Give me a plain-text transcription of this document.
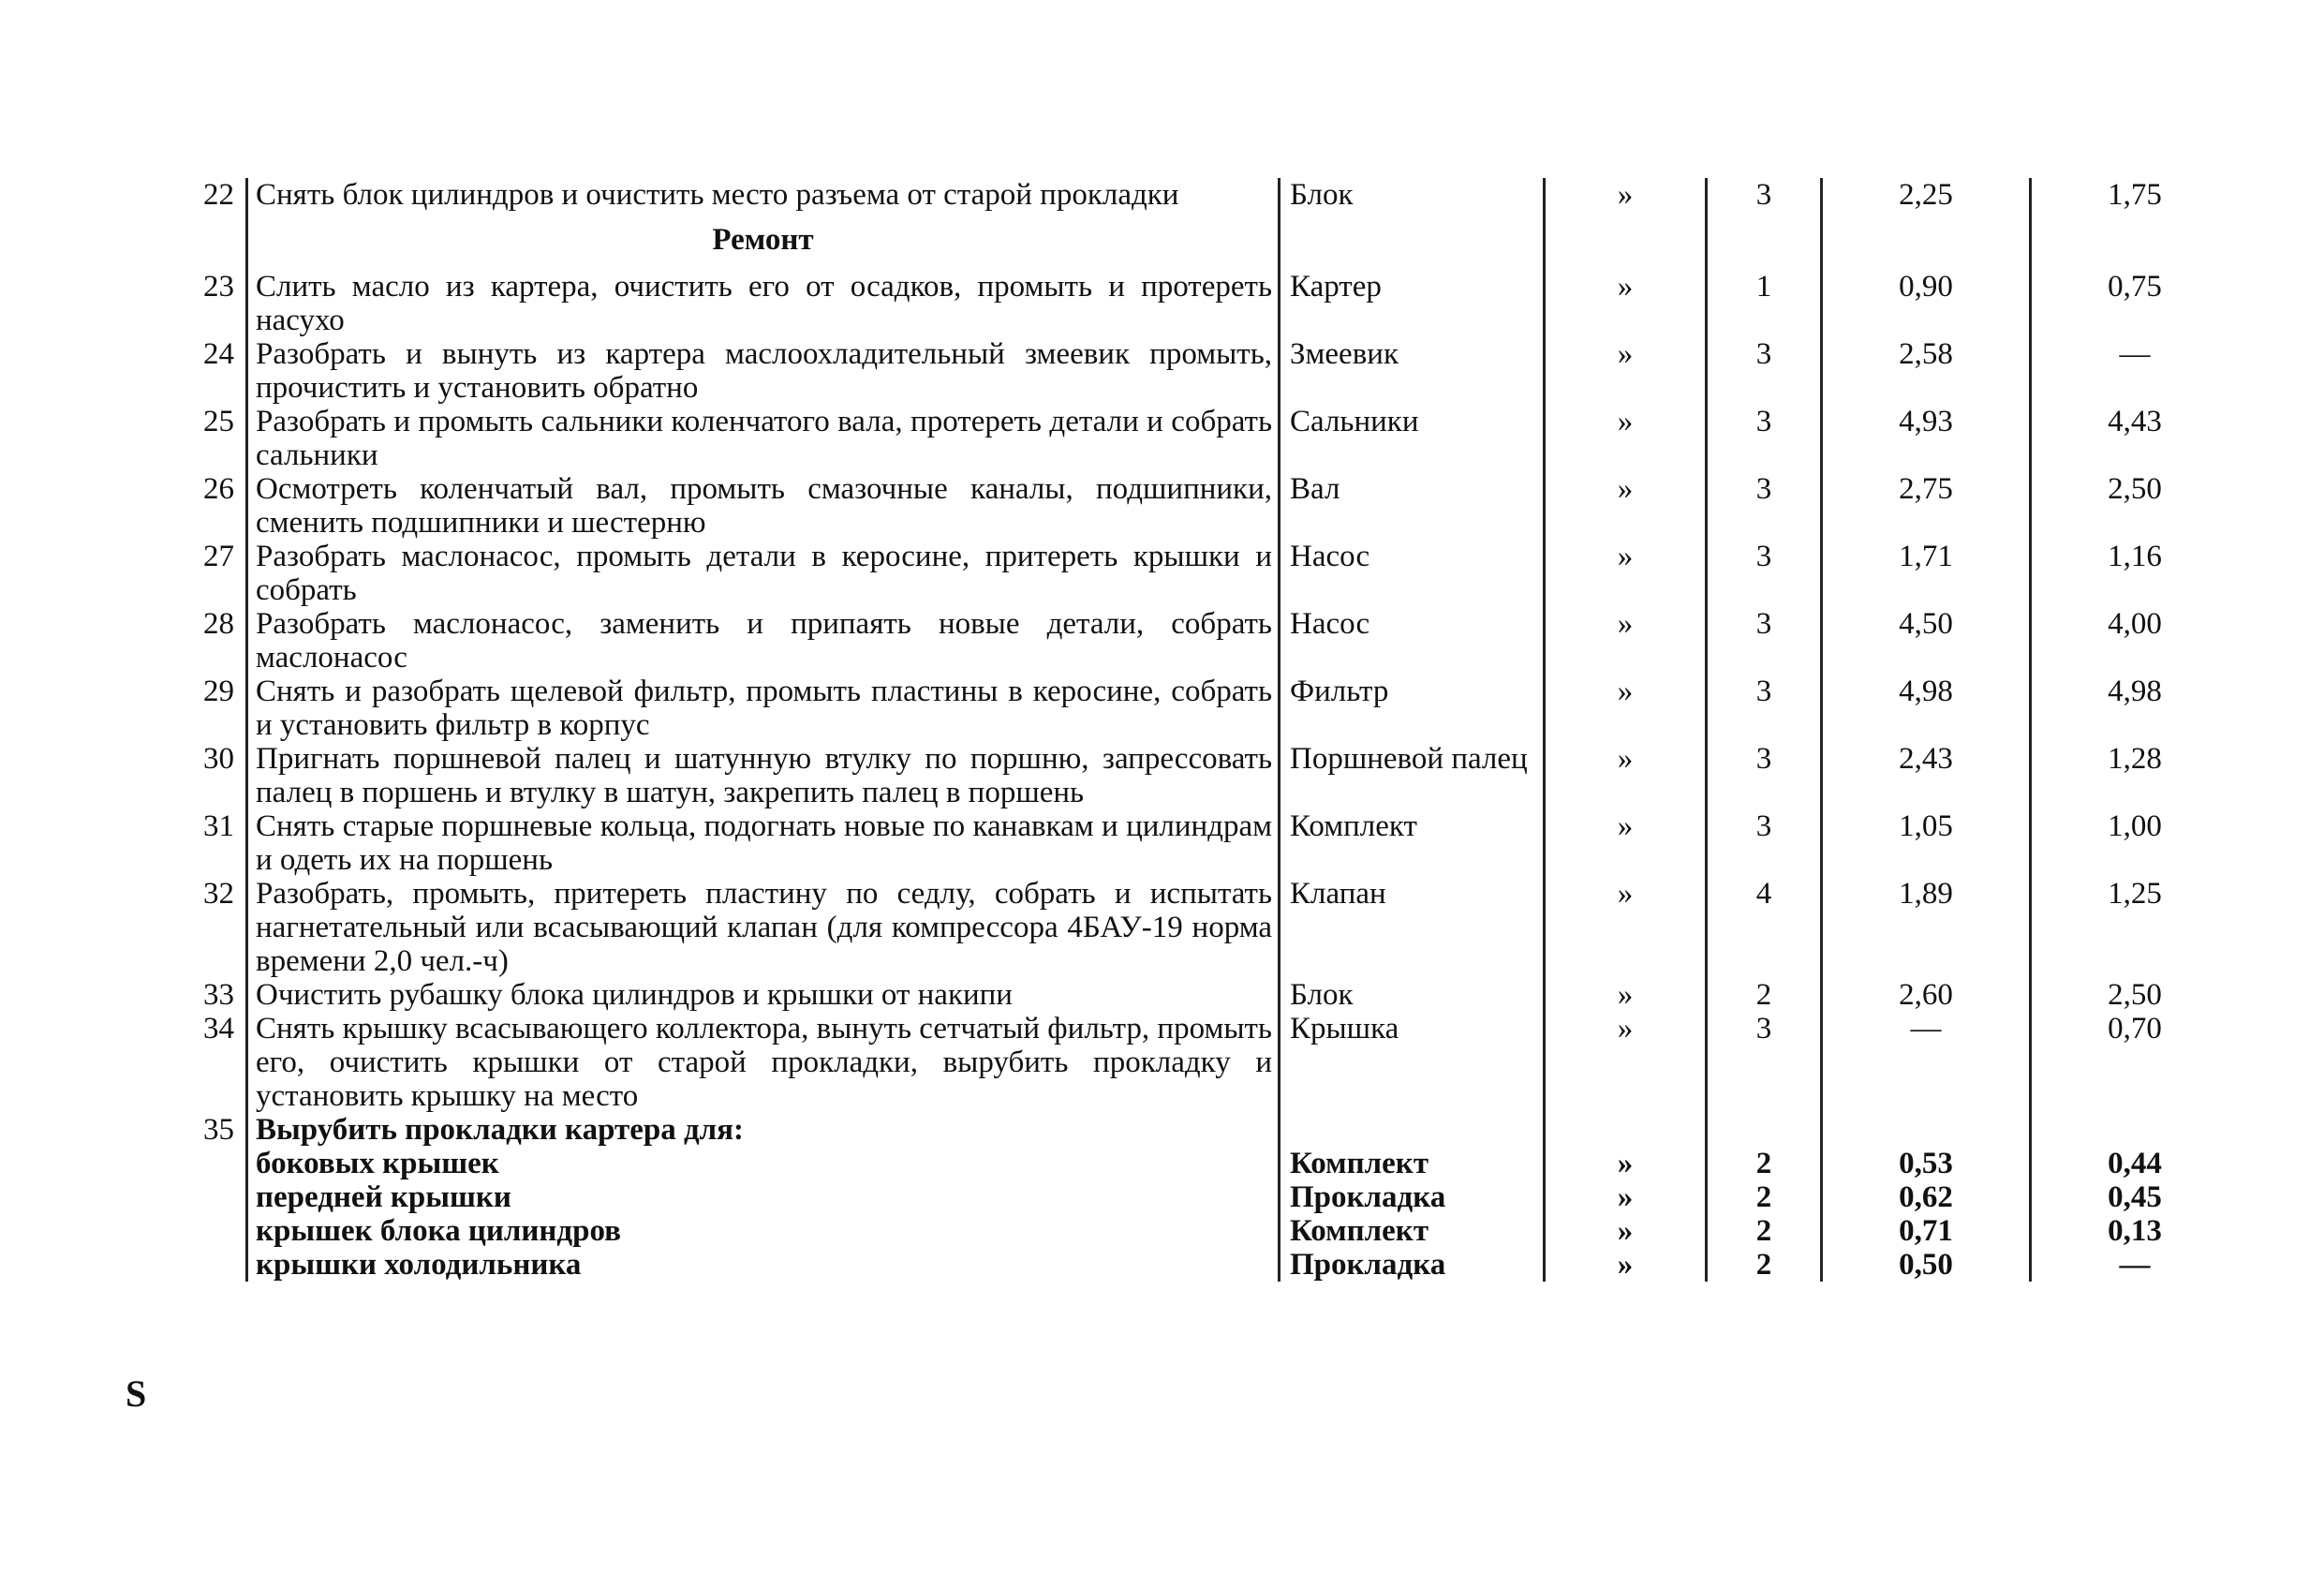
22	Снять блок цилиндров и очистить место разъема от старой прокладки	Блок	»	3	2,25	1,75
	Ремонт					
23	Слить масло из картера, очистить его от осадков, промыть и протереть насухо	Картер	»	1	0,90	0,75
24	Разобрать и вынуть из картера маслоохладительный змеевик промыть, прочистить и установить обратно	Змеевик	»	3	2,58	—
25	Разобрать и промыть сальники коленчатого вала, протереть детали и собрать сальники	Сальники	»	3	4,93	4,43
26	Осмотреть коленчатый вал, промыть смазочные каналы, подшипники, сменить подшипники и шестерню	Вал	»	3	2,75	2,50
27	Разобрать маслонасос, промыть детали в керосине, притереть крышки и собрать	Насос	»	3	1,71	1,16
28	Разобрать маслонасос, заменить и припаять новые детали, собрать маслонасос	Насос	»	3	4,50	4,00
29	Снять и разобрать щелевой фильтр, промыть пластины в керосине, собрать и установить фильтр в корпус	Фильтр	»	3	4,98	4,98
30	Пригнать поршневой палец и шатунную втулку по поршню, запрессовать палец в поршень и втулку в шатун, закрепить палец в поршень	Поршневой палец	»	3	2,43	1,28
31	Снять старые поршневые кольца, подогнать новые по канавкам и цилиндрам и одеть их на поршень	Комплект	»	3	1,05	1,00
32	Разобрать, промыть, притереть пластину по седлу, собрать и испытать нагнетательный или всасывающий клапан (для компрессора 4БАУ-19 норма времени 2,0 чел.-ч)	Клапан	»	4	1,89	1,25
33	Очистить рубашку блока цилиндров и крышки от накипи	Блок	»	2	2,60	2,50
34	Снять крышку всасывающего коллектора, вынуть сетчатый фильтр, промыть его, очистить крышки от старой прокладки, вырубить прокладку и установить крышку на место	Крышка	»	3	—	0,70
35	Вырубить прокладки картера для:					
	боковых крышек	Комплект	»	2	0,53	0,44
	передней крышки	Прокладка	»	2	0,62	0,45
	крышек блока цилиндров	Комплект	»	2	0,71	0,13
	крышки холодильника	Прокладка	»	2	0,50	—
S
